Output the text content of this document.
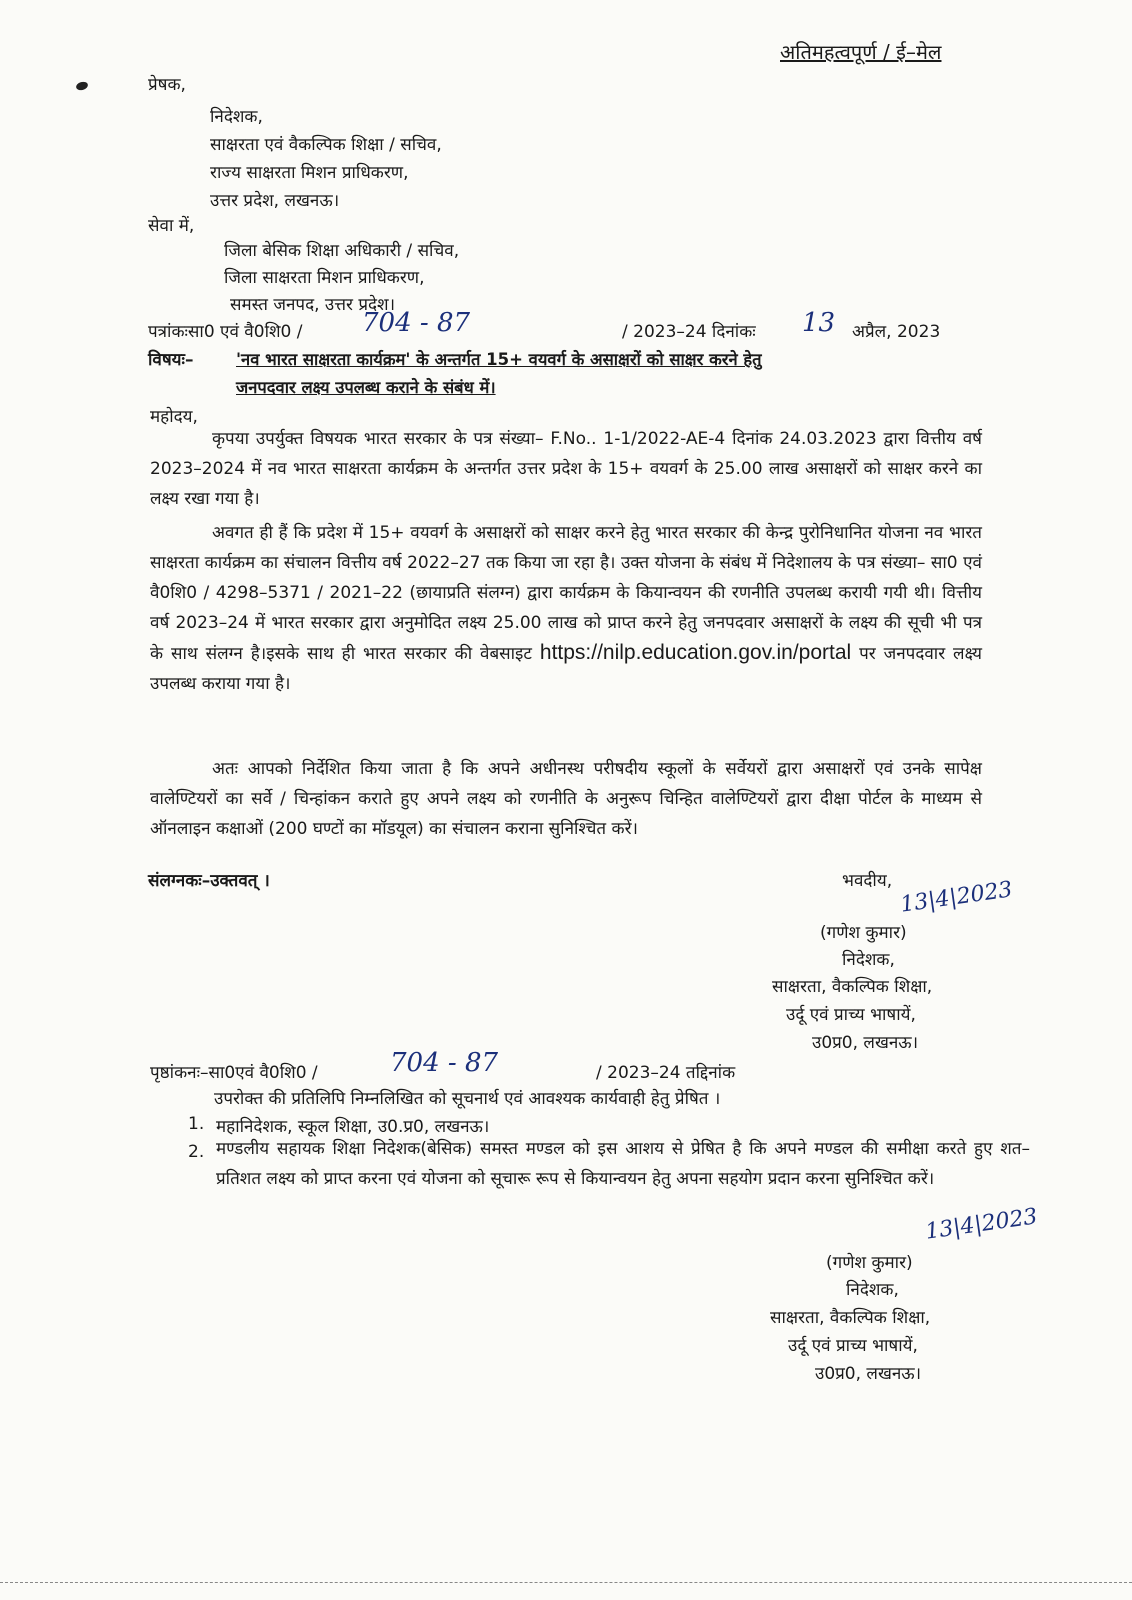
अतिमहत्वपूर्ण / ई–मेल
प्रेषक,
निदेशक,
साक्षरता एवं वैकल्पिक शिक्षा / सचिव,
राज्य साक्षरता मिशन प्राधिकरण,
उत्तर प्रदेश, लखनऊ।
सेवा में,
जिला बेसिक शिक्षा अधिकारी / सचिव,
जिला साक्षरता मिशन प्राधिकरण,
समस्त जनपद, उत्तर प्रदेश।
पत्रांकःसा0 एवं वै0शि0 / 704 - 87	/ 2023–24 दिनांकः 13 अप्रैल, 2023
विषयः–	'नव भारत साक्षरता कार्यक्रम' के अन्तर्गत 15+ वयवर्ग के असाक्षरों को साक्षर करने हेतु
जनपदवार लक्ष्य उपलब्ध कराने के संबंध में।
महोदय,

कृपया उपर्युक्त विषयक भारत सरकार के पत्र संख्या– F.No.. 1-1/2022-AE-4 दिनांक 24.03.2023 द्वारा वित्तीय वर्ष 2023–2024 में नव भारत साक्षरता कार्यक्रम के अन्तर्गत उत्तर प्रदेश के 15+ वयवर्ग के 25.00 लाख असाक्षरों को साक्षर करने का लक्ष्य रखा गया है।

अवगत ही हैं कि प्रदेश में 15+ वयवर्ग के असाक्षरों को साक्षर करने हेतु भारत सरकार की केन्द्र पुरोनिधानित योजना नव भारत साक्षरता कार्यक्रम का संचालन वित्तीय वर्ष 2022–27 तक किया जा रहा है। उक्त योजना के संबंध में निदेशालय के पत्र संख्या– सा0 एवं वै0शि0 / 4298–5371 / 2021–22 (छायाप्रति संलग्न) द्वारा कार्यक्रम के कियान्वयन की रणनीति उपलब्ध करायी गयी थी। वित्तीय वर्ष 2023–24 में भारत सरकार द्वारा अनुमोदित लक्ष्य 25.00 लाख को प्राप्त करने हेतु जनपदवार असाक्षरों के लक्ष्य की सूची भी पत्र के साथ संलग्न है।इसके साथ ही भारत सरकार की वेबसाइट https://nilp.education.gov.in/portal पर जनपदवार लक्ष्य उपलब्ध कराया गया है।

अतः आपको निर्देशित किया जाता है कि अपने अधीनस्थ परीषदीय स्कूलों के सर्वेयरों द्वारा असाक्षरों एवं उनके सापेक्ष वालेण्टियरों का सर्वे / चिन्हांकन कराते हुए अपने लक्ष्य को रणनीति के अनुरूप चिन्हित वालेण्टियरों द्वारा दीक्षा पोर्टल के माध्यम से ऑनलाइन कक्षाओं (200 घण्टों का मॉडयूल) का संचालन कराना सुनिश्चित करें।

संलग्नकः–उक्तवत् ।	भवदीय, 13|4|2023
(गणेश कुमार)
निदेशक,
साक्षरता, वैकल्पिक शिक्षा,
उर्दू एवं प्राच्य भाषायें,
उ0प्र0, लखनऊ।
पृष्ठांकनः–सा0एवं वै0शि0 /	704 - 87	/ 2023–24 तद्दिनांक
उपरोक्त की प्रतिलिपि निम्नलिखित को सूचनार्थ एवं आवश्यक कार्यवाही हेतु प्रेषित ।
1. महानिदेशक, स्कूल शिक्षा, उ0.प्र0, लखनऊ।
2. मण्डलीय सहायक शिक्षा निदेशक(बेसिक) समस्त मण्डल को इस आशय से प्रेषित है कि अपने मण्डल की समीक्षा करते हुए शत–प्रतिशत लक्ष्य को प्राप्त करना एवं योजना को सूचारू रूप से कियान्वयन हेतु अपना सहयोग प्रदान करना सुनिश्चित करें।

13|4|2023
(गणेश कुमार)
निदेशक,
साक्षरता, वैकल्पिक शिक्षा,
उर्दू एवं प्राच्य भाषायें,
उ0प्र0, लखनऊ।
